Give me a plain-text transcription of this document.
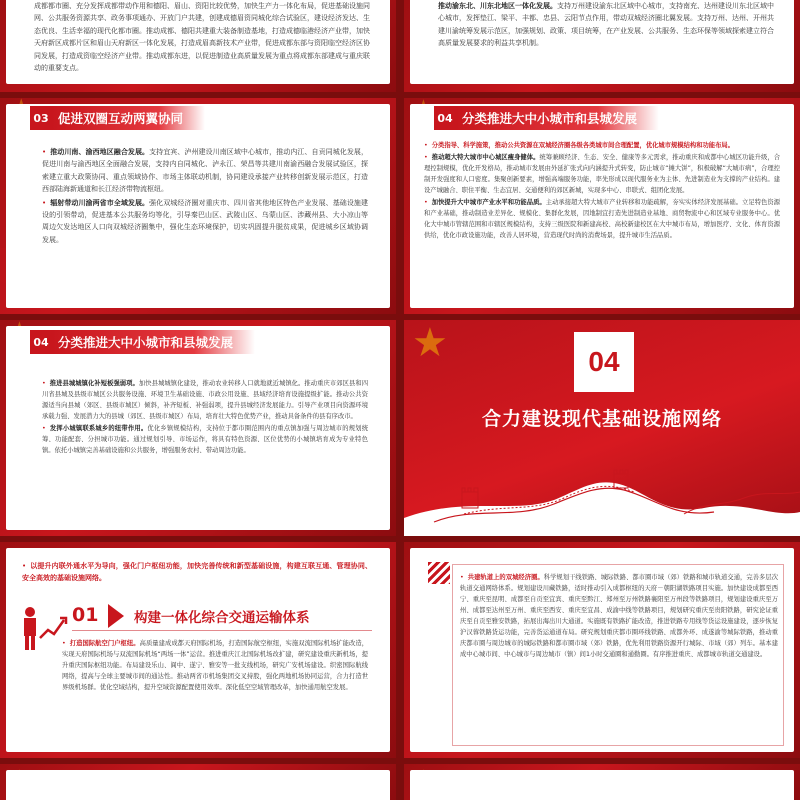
成都都市圈、充分发挥成都带动作用和德阳、眉山、资阳比较优势，加快生产力一体化布局，促进基础设施同网、公共服务资源共享、政务事项通办、开放门户共建，创建成德眉资同城化综合试验区，建设经济发达、生态优良、生活幸福的现代化都市圈。推动成都、德阳共建重大装备制造基地，打造成德临港经济产业带，加快天府新区成都片区和眉山天府新区一体化发展，打造成眉高新技术产业带，促进成都东部与资阳临空经济区协同发展，打造成资临空经济产业带。推动成都东进，以促进制造业高质量发展为重点将成都东部建成与重庆联动的重要支点。

推动渝东北、川东北地区一体化发展。支持万州建设渝东北区域中心城市，支持南充、达州建设川东北区域中心城市，发挥垫江、梁平、丰都、忠县、云阳节点作用，带动双城经济圈北翼发展。支持万州、达州、开州共建川渝统筹发展示范区，加强规划、政策、项目统筹，在产业发展、公共服务、生态环保等领域探索建立符合高质量发展要求的利益共享机制。

03 促进双圈互动两翼协同

• 推动川南、渝西地区融合发展。支持宜宾、泸州建设川南区域中心城市，推动内江、自贡同城化发展，促进川南与渝西地区全面融合发展，支持内自同城化、泸永江、荣昌等共建川南渝西融合发展试验区，探索建立重大政策协同、重点领域协作、市场主体联动机制，协同建设承接产业转移创新发展示范区，打造西部陆海新通道和长江经济带物流枢纽。

• 辐射带动川渝两省市全域发展。强化双城经济圈对重庆市、四川省其他地区特色产业发展、基础设施建设的引领带动，促进基本公共服务均等化，引导秦巴山区、武陵山区、乌蒙山区、涉藏州县、大小凉山等周边欠发达地区人口向双城经济圈集中，强化生态环境保护，切实巩固提升脱贫成果，促进城乡区域协调发展。

04 分类推进大中小城市和县城发展

• 分类指导、科学施策，推动公共资源在双城经济圈各级各类城市间合理配置，优化城市规模结构和功能布局。

• 推动超大特大城市中心城区瘦身健体。统筹兼顾经济、生态、安全、健康等多元需求，推动重庆和成都中心城区功能升级，合理控制规模，优化开发格局，推动城市发展由外延扩张式向内涵提升式转变，防止城市“摊大饼”，积极破解“大城市病”，合理控制开发强度和人口密度。集聚创新要素，增强高端服务功能，率先形成以现代服务业为主体、先进制造业为支撑的产业结构。建设产城融合、职住平衡、生态宜居、交通便利的郊区新城，实现多中心、串联式、组团化发展。

• 加快提升大中城市产业水平和功能品质。主动承接超大特大城市产业转移和功能疏解，夯实实体经济发展基础。立足特色资源和产业基础，推动制造业差异化、规模化、集群化发展，因地制宜打造先进制造业基地、商贸物流中心和区域专业服务中心。优化大中城市管辖范围和市辖区规模结构，支持三级医院和新建高校、高校新建校区在大中城市布局，增加医疗、文化、体育资源供给，优化市政设施功能，改善人居环境，营造现代时尚的消费场景，提升城市生活品质。

04 分类推进大中小城市和县城发展

• 推进县城城镇化补短板强弱项。加快县城城镇化建设，推动农业转移人口就地就近城镇化。推动重庆市郊区县和四川省县城及县级市城区公共服务设施、环境卫生基础设施、市政公用设施、县域经济培育设施提级扩能。推动公共资源适当向县城（郊区、县级市城区）倾斜，补齐短板、补强弱项，提升县城经济发展能力。引导产业项目向资源环境承载力强、发展潜力大的县城（郊区、县级市城区）布局，培育壮大特色优势产业，推动具备条件的县有序改市。

• 发挥小城镇联系城乡的纽带作用。优化乡镇规模结构，支持位于都市圈范围内的重点镇加强与周边城市的规划统筹、功能配套、分担城市功能。通过规划引导、市场运作，将具有特色资源、区位优势的小城镇培育成为专业特色镇。依托小城镇完善基础设施和公共服务，增强服务农村、带动周边功能。

★	04
合力建设现代基础设施网络

• 以提升内联外通水平为导向，强化门户枢纽功能，加快完善传统和新型基础设施，构建互联互通、管理协同、安全高效的基础设施网络。

01	构建一体化综合交通运输体系

• 打造国际航空门户枢纽。高质量建成成都天府国际机场，打造国际航空枢纽，实施双流国际机场扩能改造，实现天府国际机场与双流国际机场“两场一体”运营。推进重庆江北国际机场改扩建，研究建设重庆新机场，提升重庆国际枢纽功能。布局建设乐山、阆中、遂宁、雅安等一批支线机场，研究广安机场建设。织密国际航线网络，提高与全球主要城市间的通达性。推动两省市机场集团交叉持股，强化两地机场协同运营，合力打造世界级机场群。优化空域结构，提升空域资源配置使用效率。深化低空空域管理改革，加快通用航空发展。

• 共建轨道上的双城经济圈。科学规划干线铁路、城际铁路、都市圈市域（郊）铁路和城市轨道交通，完善多层次轨道交通网络体系。规划建设川藏铁路，适时推动引入成都枢纽的天府－朝阳湖铁路项目实施。加快建设成都至西宁、重庆至昆明、成都至自贡至宜宾、重庆至黔江、郑州至万州铁路襄阳至万州段等铁路项目，规划建设重庆至万州、成都至达州至万州、重庆至西安、重庆至宜昌、成渝中线等铁路项目，规划研究重庆至贵阳铁路，研究论证重庆至自贡至雅安铁路，拓展出海出川大通道。实施既有铁路扩能改造，推进铁路专用线等货运设施建设，逐步恢复沪汉蓉铁路货运功能，完善货运通道布局。研究规划重庆都市圈环线铁路、成都外环、成遂渝等城际铁路，推动重庆都市圈与周边城市的城际铁路和都市圈市域（郊）铁路，优先利用铁路资源开行城际、市域（郊）列车。基本建成中心城市间、中心城市与周边城市（镇）间1小时交通圈和通勤圈。有序推进重庆、成都城市轨道交通建设。
